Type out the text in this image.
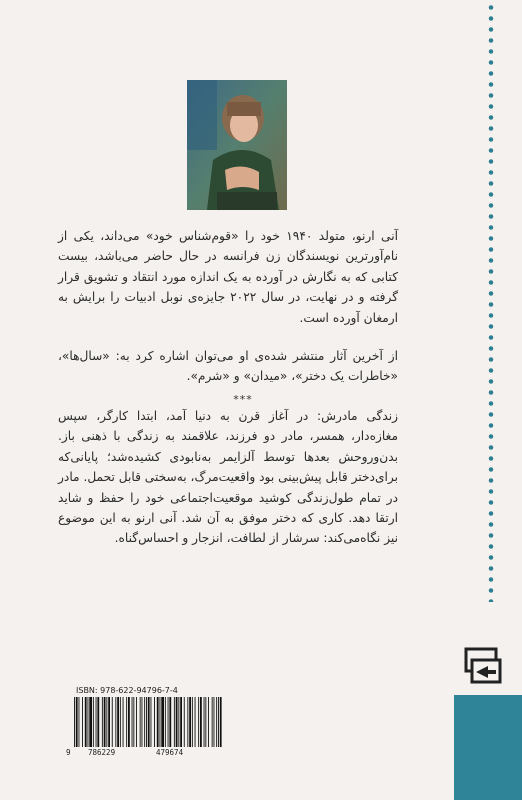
آنی ارنو، متولد ۱۹۴۰ خود را «قوم‌شناس خود» می‌داند، یکی از نام‌آورترین نویسندگان زن فرانسه در حال حاضر می‌باشد، بیست کتابی که به نگارش در آورده به یک اندازه مورد انتقاد و تشویق قرار گرفته و در نهایت، در سال ۲۰۲۲ جایزه‌ی نوبل ادبیات را برایش به ارمغان آورده است.
از آخرین آثار منتشر شده‌ی او می‌توان اشاره کرد به: «سال‌ها»، «خاطرات یک دختر»، «میدان» و «شرم».
***
زندگی مادرش: در آغاز قرن به دنیا آمد، ابتدا کارگر، سپس مغازه‌دار، همسر، مادر دو فرزند، علاقمند به زندگی با ذهنی باز. بدن‌وروحش بعدها توسط آلزایمر به‌نابودی کشیده‌شد؛ پایانی‌که برای‌دختر قابل پیش‌بینی بود واقعیت‌مرگ، به‌سختی قابل تحمل. مادر در تمام طول‌زندگی کوشید موقعیت‌اجتماعی خود را حفظ و شاید ارتقا دهد. کاری که دختر موفق به آن شد. آنی ارنو به این موضوع نیز نگاه‌می‌کند: سرشار از لطافت، انزجار و احساس‌گناه.
ISBN: 978-622-94796-7-4
9 786229	479674
